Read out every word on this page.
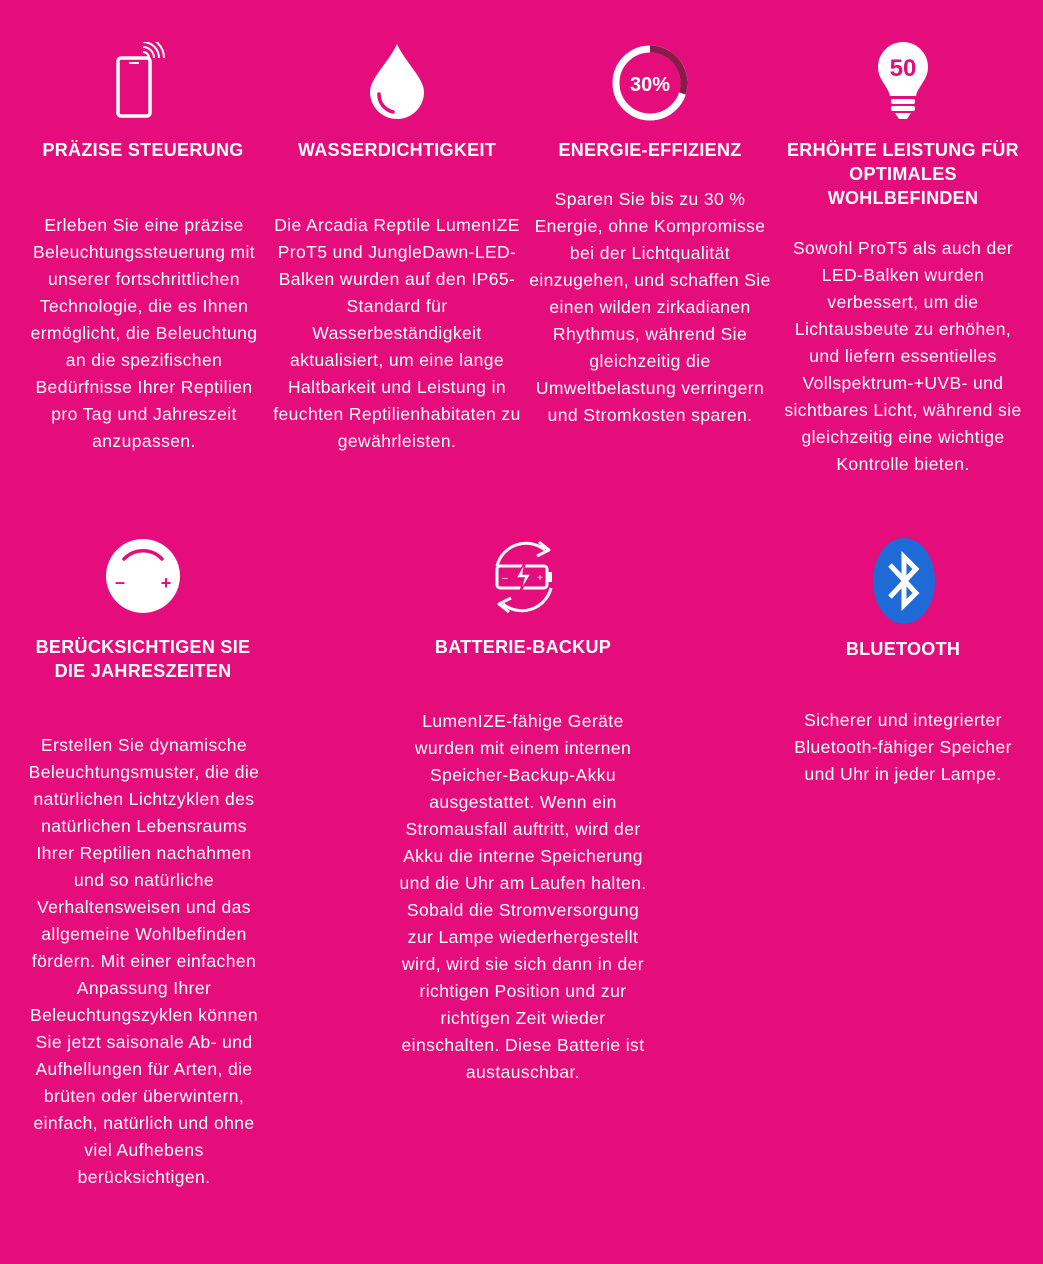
PRÄZISE STEUERUNG
Erleben Sie eine präzise Beleuchtungssteuerung mit unserer fortschrittlichen Technologie, die es Ihnen ermöglicht, die Beleuchtung an die spezifischen Bedürfnisse Ihrer Reptilien pro Tag und Jahreszeit anzupassen.
WASSERDICHTIGKEIT
Die Arcadia Reptile LumenIZE ProT5 und JungleDawn-LED-Balken wurden auf den IP65-Standard für Wasserbeständigkeit aktualisiert, um eine lange Haltbarkeit und Leistung in feuchten Reptilienhabitaten zu gewährleisten.
30%
ENERGIE-EFFIZIENZ
Sparen Sie bis zu 30 % Energie, ohne Kompromisse bei der Lichtqualität einzugehen, und schaffen Sie einen wilden zirkadianen Rhythmus, während Sie gleichzeitig die Umweltbelastung verringern und Stromkosten sparen.
50
ERHÖHTE LEISTUNG FÜR OPTIMALES WOHLBEFINDEN
Sowohl ProT5 als auch der LED-Balken wurden verbessert, um die Lichtausbeute zu erhöhen, und liefern essentielles Vollspektrum-+UVB- und sichtbares Licht, während sie gleichzeitig eine wichtige Kontrolle bieten.
– +
BERÜCKSICHTIGEN SIE DIE JAHRESZEITEN
Erstellen Sie dynamische Beleuchtungsmuster, die die natürlichen Lichtzyklen des natürlichen Lebensraums Ihrer Reptilien nachahmen und so natürliche Verhaltensweisen und das allgemeine Wohlbefinden fördern. Mit einer einfachen Anpassung Ihrer Beleuchtungszyklen können Sie jetzt saisonale Ab- und Aufhellungen für Arten, die brüten oder überwintern, einfach, natürlich und ohne viel Aufhebens berücksichtigen.
–	+
BATTERIE-BACKUP
LumenIZE-fähige Geräte wurden mit einem internen Speicher-Backup-Akku ausgestattet. Wenn ein Stromausfall auftritt, wird der Akku die interne Speicherung und die Uhr am Laufen halten. Sobald die Stromversorgung zur Lampe wiederhergestellt wird, wird sie sich dann in der richtigen Position und zur richtigen Zeit wieder einschalten. Diese Batterie ist austauschbar.
BLUETOOTH
Sicherer und integrierter Bluetooth-fähiger Speicher und Uhr in jeder Lampe.
